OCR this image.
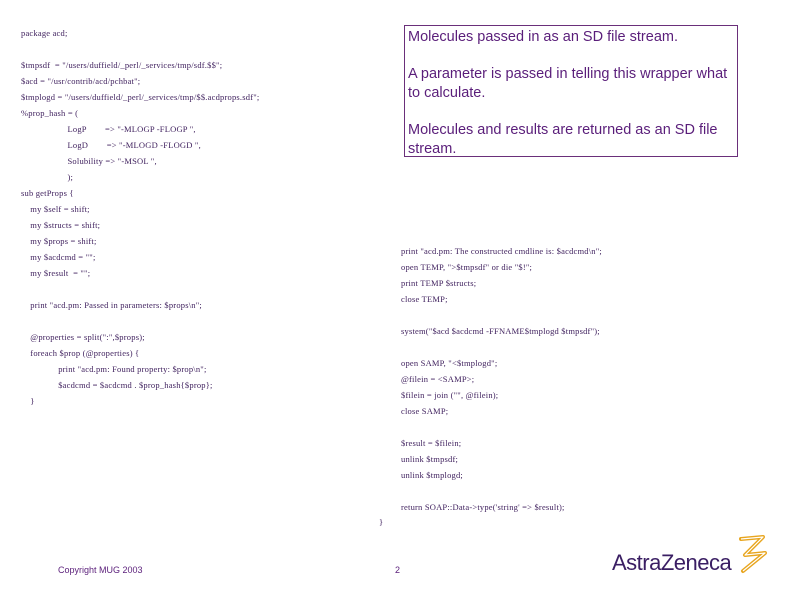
package acd;
$tmpsdf  = "/users/duffield/_perl/_services/tmp/sdf.$$";
$acd = "/usr/contrib/acd/pchbat";
$tmplogd = "/users/duffield/_perl/_services/tmp/$$.acdprops.sdf";
%prop_hash = (
LogP        => "-MLOGP -FLOGP ",
LogD        => "-MLOGD -FLOGD ",
Solubility => "-MSOL ",
);
sub getProps {
my $self = shift;
my $structs = shift;
my $props = shift;
my $acdcmd = "";
my $result  = "";
print "acd.pm: Passed in parameters: $props\n";
@properties = split(":",$props);
foreach $prop (@properties) {
print "acd.pm: Found property: $prop\n";
$acdcmd = $acdcmd . $prop_hash{$prop};
}
print "acd.pm: The constructed cmdline is: $acdcmd\n";
open TEMP, ">$tmpsdf" or die "$!";
print TEMP $structs;
close TEMP;
system("$acd $acdcmd -FFNAME$tmplogd $tmpsdf");
open SAMP, "<$tmplogd";
@filein = <SAMP>;
$filein = join ("", @filein);
close SAMP;
$result = $filein;
unlink $tmpsdf;
unlink $tmplogd;
return SOAP::Data->type('string' => $result);
}

Molecules passed in as an SD file stream.

A parameter is passed in telling this wrapper what to calculate.

Molecules and results are returned as an SD file stream.

Copyright MUG 2003	2	AstraZeneca
